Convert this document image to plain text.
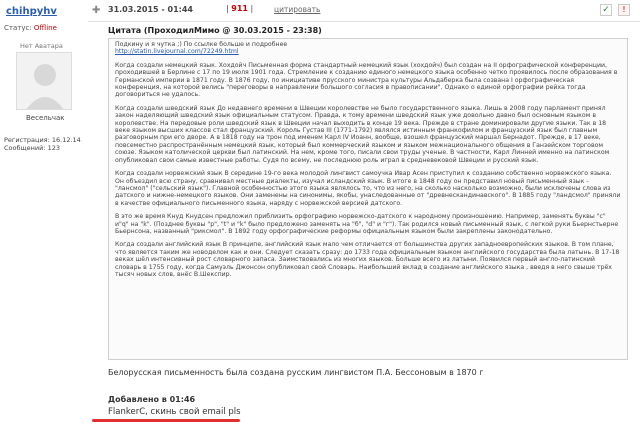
chihpyhv
Статус: Offline
Нет Аватара
Весельчак
Регистрация: 16.12.14
Сообщений: 123
✚ 31.03.2015 - 01:44	| 911 |	цитировать	✓	!
Цитата (ПроходилМимо @ 30.03.2015 - 23:38)

Подкину и я чутка ;) По ссылке больше и подробнее
http://statin.livejournal.com/72249.html

Когда создали немецкий язык. Хохдойч Письменная форма стандартный немецкий язык (хохдойч) был создан на II орфографической конференции, проходившей в Берлине с 17 по 19 июля 1901 года. Стремление к созданию единого немецкого языка особенно четко проявилось после образования в Германской империи в 1871 году. В 1876 году, по инициативе прусского министра культуры Альдаберка была созвана I орфографическая конференция, на которой велись "переговоры в направлении большого согласия в правописании". Однако о единой орфографии рейха тогда договориться не удалось.

Когда создали шведский язык До недавнего времени в Швеции королевстве не было государственного языка. Лишь в 2008 году парламент принял закон наделяющий шведский язык официальным статусом. Правда, к тому времени шведский язык уже довольно давно был основным языком в королевстве. На передовые роли шведский язык в Швеции начал выходить в конце 19 века. Прежде в стране доминировали другие языки. Так в 18 веке языком высших классов стал французский. Король Густав III (1771-1792) являлся истинным франкофилом и французский язык был главным разговорным при его дворе. А в 1818 году на трон под именем Карл IV Иоанн, вообще, взошел французский маршал Бернадот. Прежде, в 17 веке, повсеместно распространённым немецкий язык, который был коммерческий языком и языком межнационального общения в Ганзейском торговом союзе. Языком католической церкви был латинский. На нем, кроме того, писали свои труды ученые. В частности, Карл Линней именно на латинском опубликовал свои самые известные работы. Судя по всему, не последнюю роль играл в средневековой Швеции и русский язык.

Когда создали норвежский язык В середине 19-го века молодой лингвист самоучка Ивар Асен приступил к созданию собственно норвежского языка. Он объездил всю страну, сравнивал местные диалекты, изучал исландский язык. В итоге в 1848 году он представил новый письменный язык - "лансмол" ("сельский язык"). Главной особенностью этого языка являлось то, что из него, на сколько насколько возможно, были исключены слова из датского и нижне-немецкого языков. Они заменены на синонимы, якобы, унаследованные от "древнескандинавского". В 1885 году "ландсмол" приняли в качестве официального письменного языка, наряду с норвежской версией датского.

В это же время Кнуд Кнудсен предложил приблизить орфографию норвежско-датского к народному произношению. Например, заменять буквы "с" и"q" на "k". (Позднее буквы "p", "t" и "k" было предложено заменять на "б", "d" и "г"). Так родился новый письменный язык, с легкой руки Бьернстьерне Бьернсона, названный "риксмол". В 1892 году орфографические реформы официальным языком были закреплены законодательно.

Когда создали английский язык В принципе, английский язык мало чем отличается от большинства других западноевропейских языков. В том плане, что является таким же новоделом как и они. Следует сказать сразу: до 1733 года официальным языком английского государства была латынь. В 17-18 веках шёл интенсивный рост словарного запаса. Заимствовались из многих языков. Больше всего из латыни. Появился первый англо-латинский словарь в 1755 году, когда Самуэль Джонсон опубликовал свой Словарь. Наибольший вклад в создание английского языка , введя в него свыше трёх тысяч новых слов, внёс В.Шекспир.

Белорусская письменность была создана русским лингвистом П.А. Бессоновым в 1870 г
Добавлено в 01:46
FlankerC, скинь свой email pls
